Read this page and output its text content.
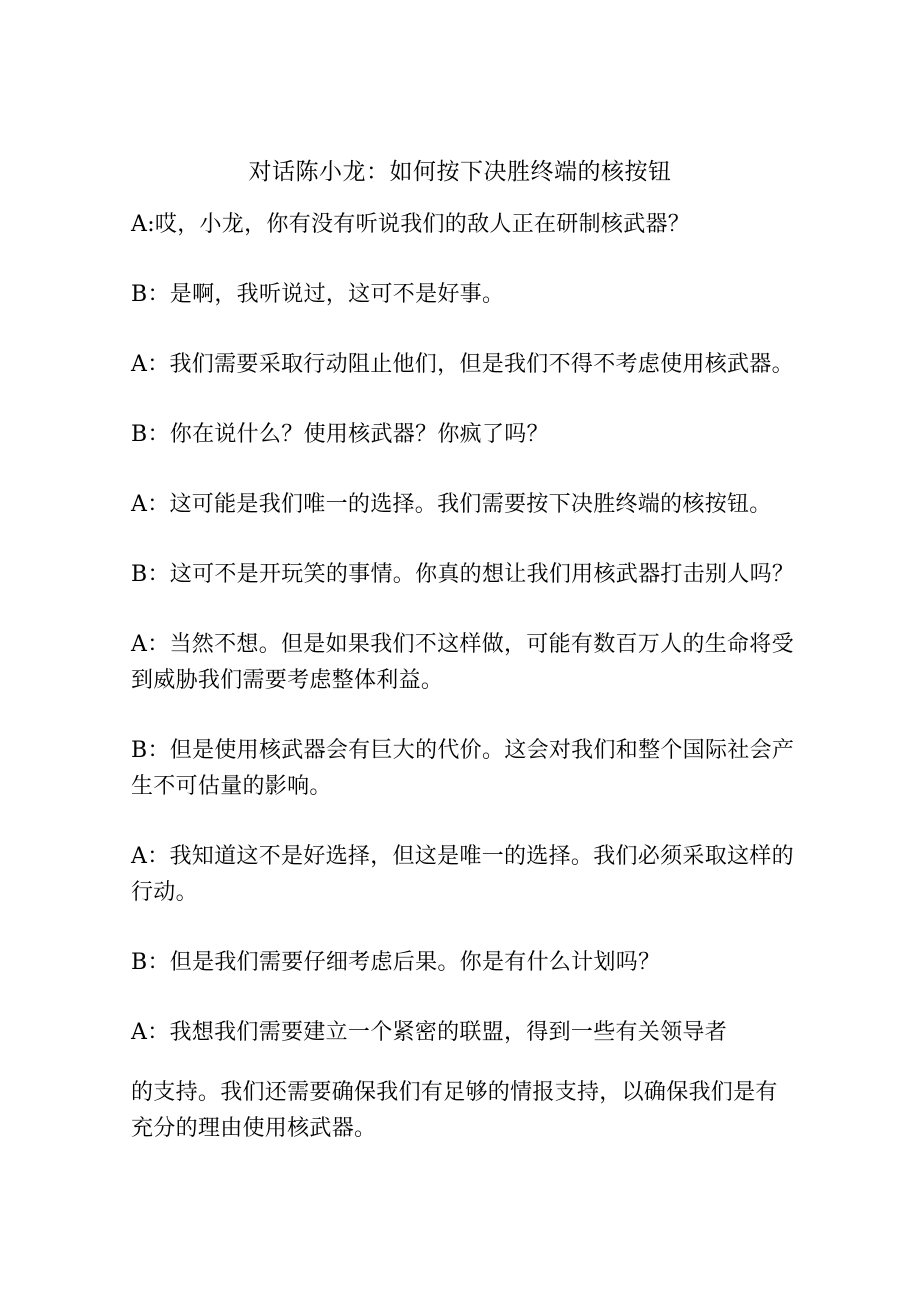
对话陈小龙：如何按下决胜终端的核按钮

A:哎，小龙，你有没有听说我们的敌人正在研制核武器？

B：是啊，我听说过，这可不是好事。

A：我们需要采取行动阻止他们，但是我们不得不考虑使用核武器。

B：你在说什么？使用核武器？你疯了吗？

A：这可能是我们唯一的选择。我们需要按下决胜终端的核按钮。

B：这可不是开玩笑的事情。你真的想让我们用核武器打击别人吗？

A：当然不想。但是如果我们不这样做，可能有数百万人的生命将受到威胁我们需要考虑整体利益。

B：但是使用核武器会有巨大的代价。这会对我们和整个国际社会产生不可估量的影响。

A：我知道这不是好选择，但这是唯一的选择。我们必须采取这样的行动。

B：但是我们需要仔细考虑后果。你是有什么计划吗？

A：我想我们需要建立一个紧密的联盟，得到一些有关领导者

的支持。我们还需要确保我们有足够的情报支持，以确保我们是有充分的理由使用核武器。
